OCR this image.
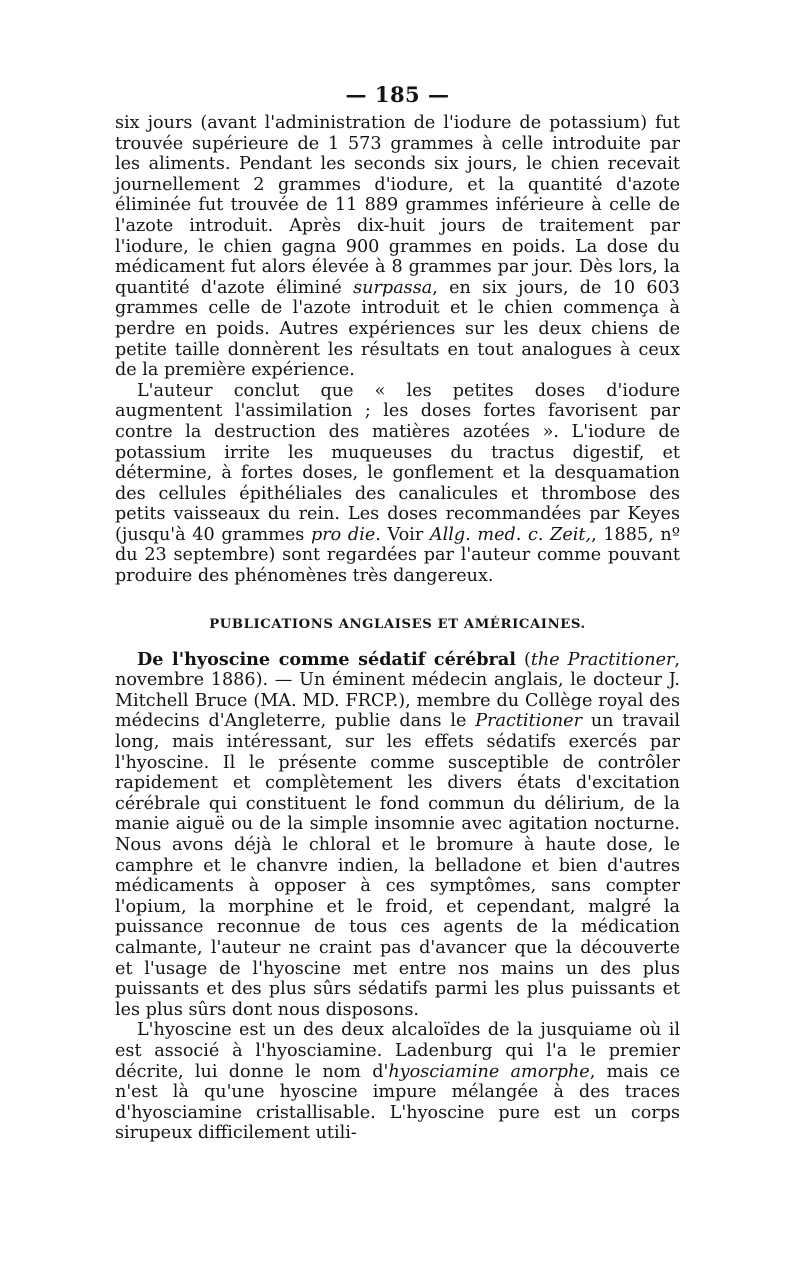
— 185 —

six jours (avant l'administration de l'iodure de potassium) fut trouvée supérieure de 1 573 grammes à celle introduite par les aliments. Pendant les seconds six jours, le chien recevait journellement 2 grammes d'iodure, et la quantité d'azote éliminée fut trouvée de 11 889 grammes inférieure à celle de l'azote introduit. Après dix-huit jours de traitement par l'iodure, le chien gagna 900 grammes en poids. La dose du médicament fut alors élevée à 8 grammes par jour. Dès lors, la quantité d'azote éliminé surpassa, en six jours, de 10 603 grammes celle de l'azote introduit et le chien commença à perdre en poids. Autres expériences sur les deux chiens de petite taille donnèrent les résultats en tout analogues à ceux de la première expérience.

L'auteur conclut que « les petites doses d'iodure augmentent l'assimilation ; les doses fortes favorisent par contre la destruction des matières azotées ». L'iodure de potassium irrite les muqueuses du tractus digestif, et détermine, à fortes doses, le gonflement et la desquamation des cellules épithéliales des canalicules et thrombose des petits vaisseaux du rein. Les doses recommandées par Keyes (jusqu'à 40 grammes pro die. Voir Allg. med. c. Zeit,, 1885, nº du 23 septembre) sont regardées par l'auteur comme pouvant produire des phénomènes très dangereux.

PUBLICATIONS ANGLAISES ET AMÉRICAINES.

De l'hyoscine comme sédatif cérébral (the Practitioner, novembre 1886). — Un éminent médecin anglais, le docteur J. Mitchell Bruce (MA. MD. FRCP.), membre du Collège royal des médecins d'Angleterre, publie dans le Practitioner un travail long, mais intéressant, sur les effets sédatifs exercés par l'hyoscine. Il le présente comme susceptible de contrôler rapidement et complètement les divers états d'excitation cérébrale qui constituent le fond commun du délirium, de la manie aiguë ou de la simple insomnie avec agitation nocturne. Nous avons déjà le chloral et le bromure à haute dose, le camphre et le chanvre indien, la belladone et bien d'autres médicaments à opposer à ces symptômes, sans compter l'opium, la morphine et le froid, et cependant, malgré la puissance reconnue de tous ces agents de la médication calmante, l'auteur ne craint pas d'avancer que la découverte et l'usage de l'hyoscine met entre nos mains un des plus puissants et des plus sûrs sédatifs parmi les plus puissants et les plus sûrs dont nous disposons.

L'hyoscine est un des deux alcaloïdes de la jusquiame où il est associé à l'hyosciamine. Ladenburg qui l'a le premier décrite, lui donne le nom d'hyosciamine amorphe, mais ce n'est là qu'une hyoscine impure mélangée à des traces d'hyosciamine cristallisable. L'hyoscine pure est un corps sirupeux difficilement utili-
